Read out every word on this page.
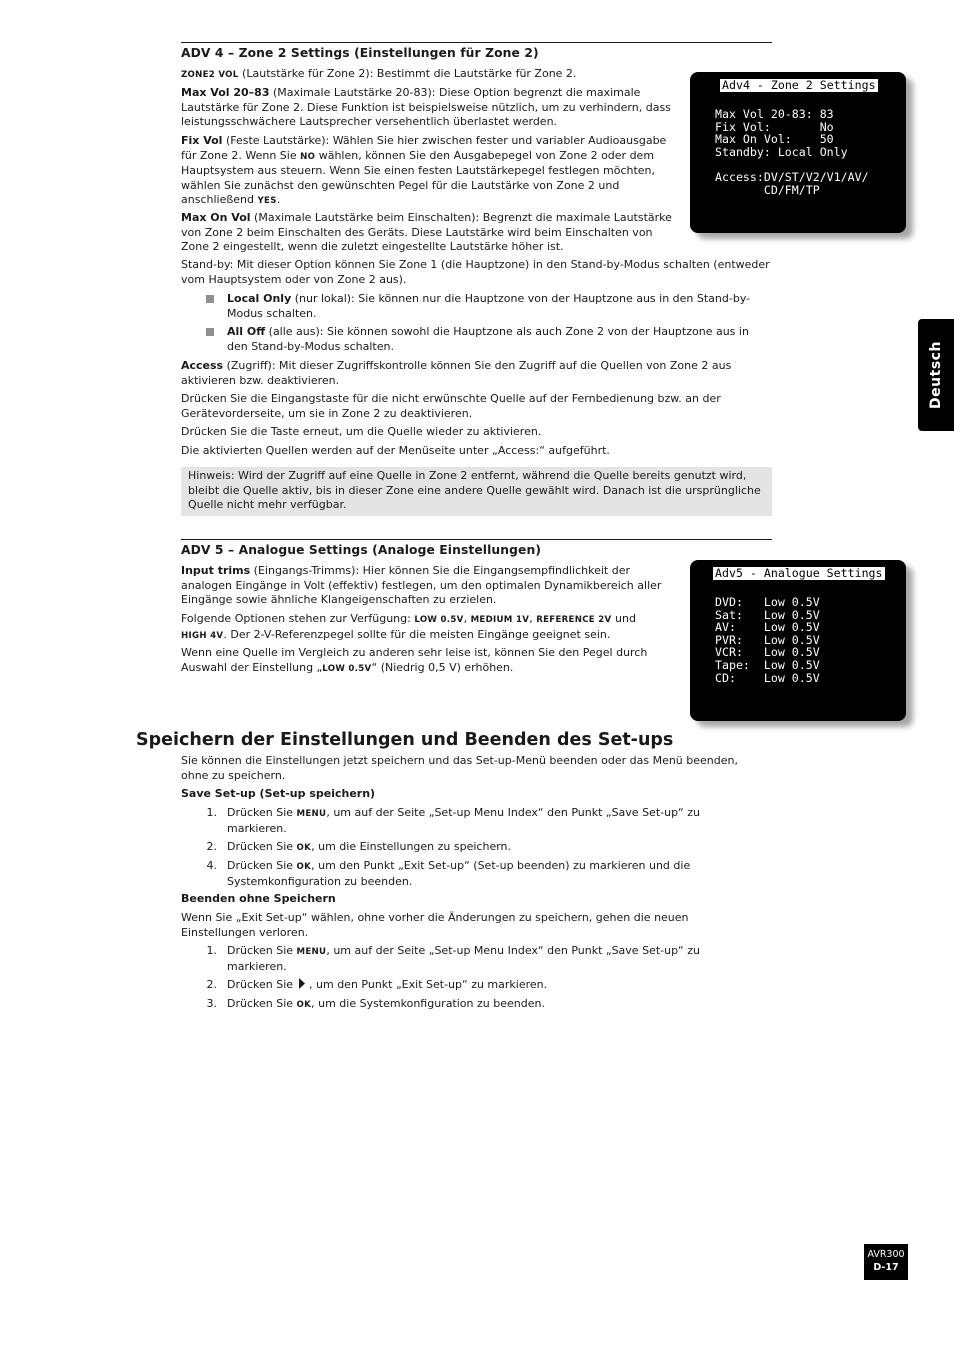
ADV 4 – Zone 2 Settings (Einstellungen für Zone 2)

ZONE2 VOL (Lautstärke für Zone 2): Bestimmt die Lautstärke für Zone 2.

Max Vol 20–83 (Maximale Lautstärke 20-83): Diese Option begrenzt die maximale Lautstärke für Zone 2. Diese Funktion ist beispielsweise nützlich, um zu verhindern, dass leistungsschwächere Lautsprecher versehentlich überlastet werden.

Fix Vol (Feste Lautstärke): Wählen Sie hier zwischen fester und variabler Audioausgabe für Zone 2. Wenn Sie NO wählen, können Sie den Ausgabepegel von Zone 2 oder dem Hauptsystem aus steuern. Wenn Sie einen festen Lautstärkepegel festlegen möchten, wählen Sie zunächst den gewünschten Pegel für die Lautstärke von Zone 2 und anschließend YES.

Max On Vol (Maximale Lautstärke beim Einschalten): Begrenzt die maximale Lautstärke von Zone 2 beim Einschalten des Geräts. Diese Lautstärke wird beim Einschalten von Zone 2 eingestellt, wenn die zuletzt eingestellte Lautstärke höher ist.

Stand-by: Mit dieser Option können Sie Zone 1 (die Hauptzone) in den Stand-by-Modus schalten (entweder vom Hauptsystem oder von Zone 2 aus).

Local Only (nur lokal): Sie können nur die Hauptzone von der Hauptzone aus in den Stand-by-Modus schalten.

All Off (alle aus): Sie können sowohl die Hauptzone als auch Zone 2 von der Hauptzone aus in den Stand-by-Modus schalten.

Access (Zugriff): Mit dieser Zugriffskontrolle können Sie den Zugriff auf die Quellen von Zone 2 aus aktivieren bzw. deaktivieren.

Drücken Sie die Eingangstaste für die nicht erwünschte Quelle auf der Fernbedienung bzw. an der Gerätevorderseite, um sie in Zone 2 zu deaktivieren.

Drücken Sie die Taste erneut, um die Quelle wieder zu aktivieren.

Die aktivierten Quellen werden auf der Menüseite unter „Access:“ aufgeführt.

Hinweis: Wird der Zugriff auf eine Quelle in Zone 2 entfernt, während die Quelle bereits genutzt wird, bleibt die Quelle aktiv, bis in dieser Zone eine andere Quelle gewählt wird. Danach ist die ursprüngliche Quelle nicht mehr verfügbar.
Adv4 - Zone 2 Settings
Max Vol 20-83: 83
Fix Vol:       No
Max On Vol:    50
Standby: Local Only

Access:DV/ST/V2/V1/AV/
CD/FM/TP
ADV 5 – Analogue Settings (Analoge Einstellungen)

Input trims (Eingangs-Trimms): Hier können Sie die Eingangsempfindlichkeit der analogen Eingänge in Volt (effektiv) festlegen, um den optimalen Dynamikbereich aller Eingänge sowie ähnliche Klangeigenschaften zu erzielen.

Folgende Optionen stehen zur Verfügung: LOW 0.5V, MEDIUM 1V, REFERENCE 2V und
HIGH 4V. Der 2-V-Referenzpegel sollte für die meisten Eingänge geeignet sein.

Wenn eine Quelle im Vergleich zu anderen sehr leise ist, können Sie den Pegel durch Auswahl der Einstellung „LOW 0.5V“ (Niedrig 0,5 V) erhöhen.

Adv5 - Analogue Settings
DVD:   Low 0.5V
Sat:   Low 0.5V
AV:    Low 0.5V
PVR:   Low 0.5V
VCR:   Low 0.5V
Tape:  Low 0.5V
CD:    Low 0.5V
Speichern der Einstellungen und Beenden des Set-ups

Sie können die Einstellungen jetzt speichern und das Set-up-Menü beenden oder das Menü beenden, ohne zu speichern.

Save Set-up (Set-up speichern)

1. Drücken Sie MENU, um auf der Seite „Set-up Menu Index“ den Punkt „Save Set-up“ zu markieren.

2. Drücken Sie OK, um die Einstellungen zu speichern.

4. Drücken Sie OK, um den Punkt „Exit Set-up“ (Set-up beenden) zu markieren und die Systemkonfiguration zu beenden.

Beenden ohne Speichern

Wenn Sie „Exit Set-up“ wählen, ohne vorher die Änderungen zu speichern, gehen die neuen Einstellungen verloren.

1. Drücken Sie MENU, um auf der Seite „Set-up Menu Index“ den Punkt „Save Set-up“ zu markieren.

2. Drücken Sie  , um den Punkt „Exit Set-up“ zu markieren.

3. Drücken Sie OK, um die Systemkonfiguration zu beenden.

Deutsch
AVR300
D-17
